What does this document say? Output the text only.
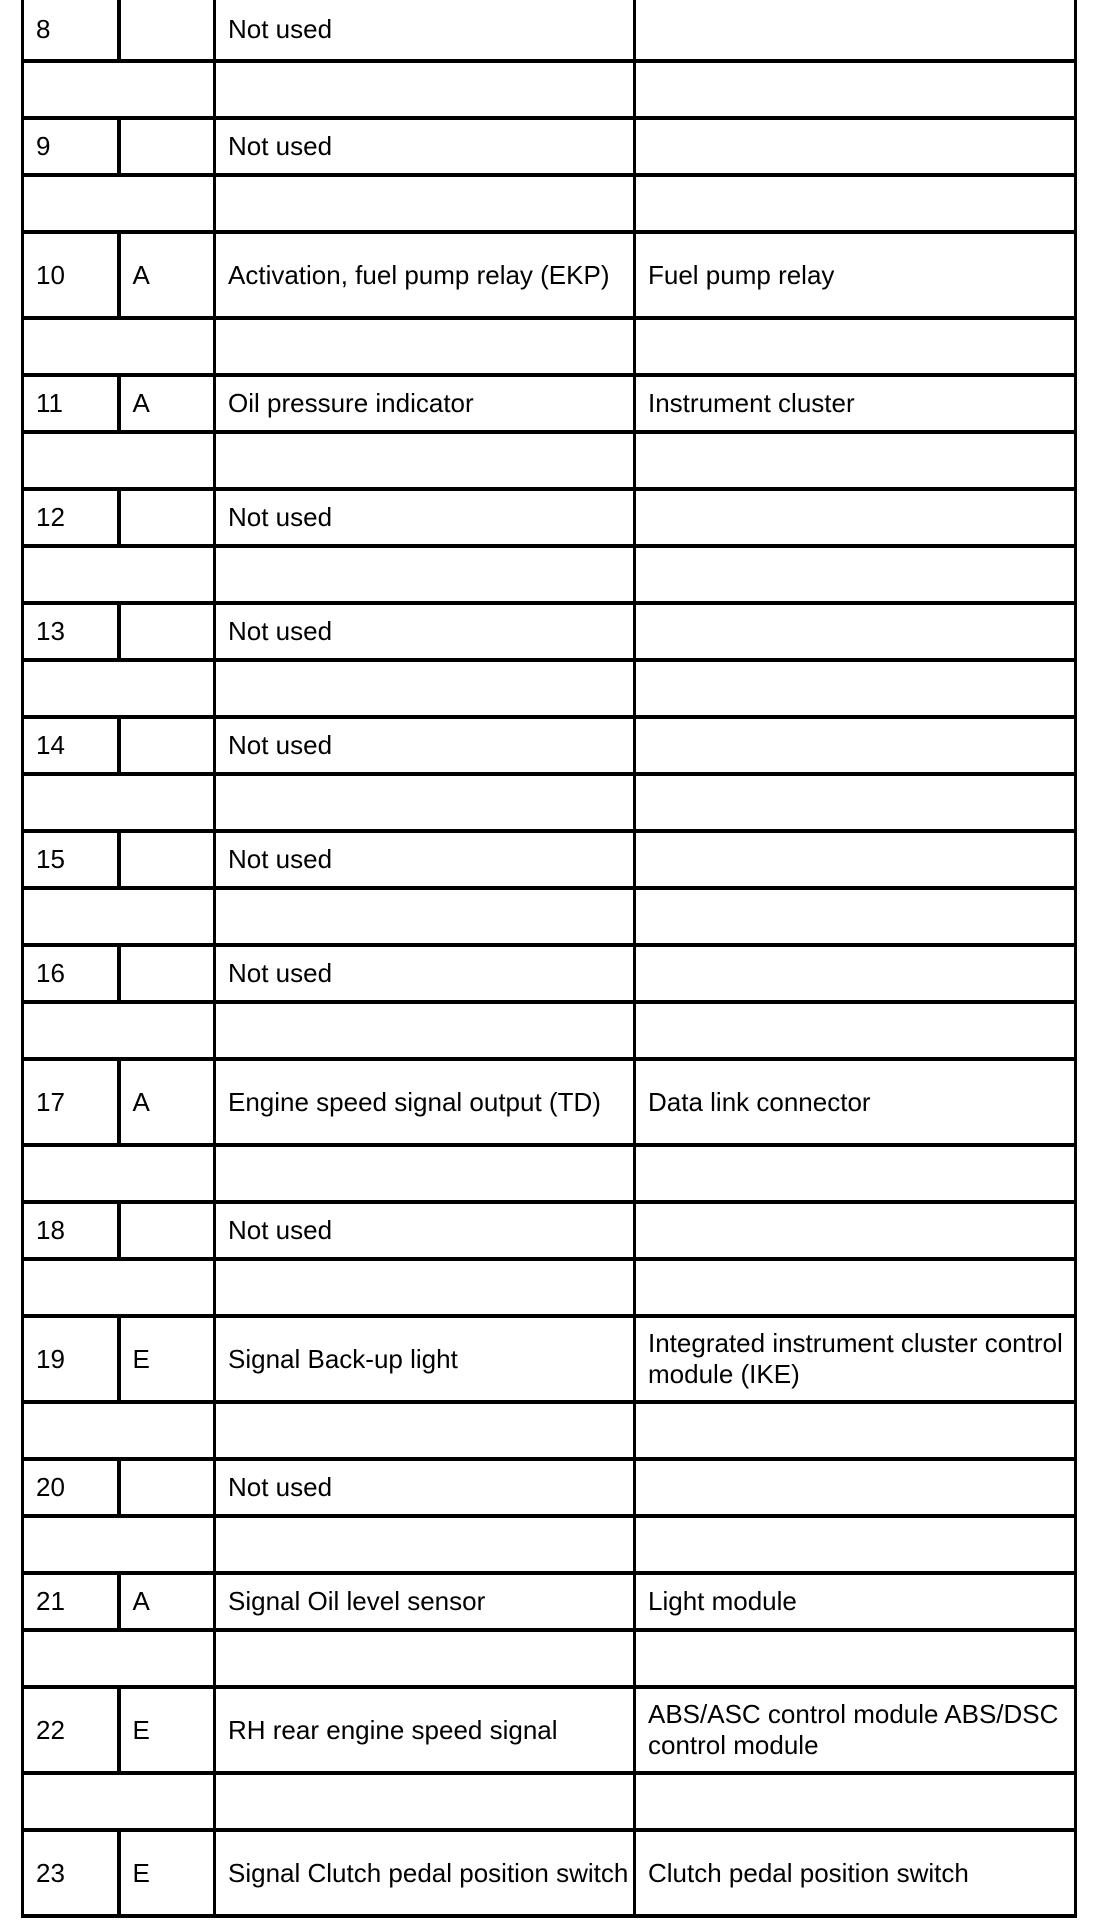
8		Not used	

9		Not used	

10	A	Activation, fuel pump relay (EKP)	Fuel pump relay

11	A	Oil pressure indicator	Instrument cluster

12		Not used	

13		Not used	

14		Not used	

15		Not used	

16		Not used	

17	A	Engine speed signal output (TD)	Data link connector

18		Not used	

19	E	Signal Back-up light	Integrated instrument cluster control module (IKE)

20		Not used	

21	A	Signal Oil level sensor	Light module

22	E	RH rear engine speed signal	ABS/ASC control module ABS/DSC control module

23	E	Signal Clutch pedal position switch	Clutch pedal position switch
